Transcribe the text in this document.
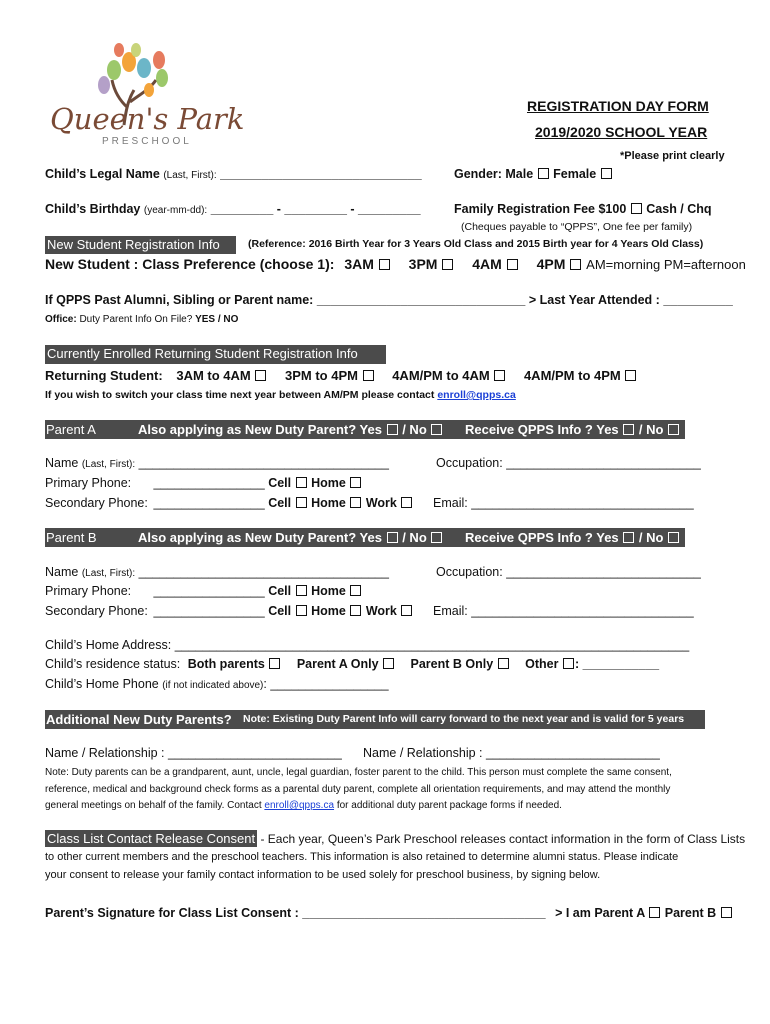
Queen's Park
PRESCHOOL
REGISTRATION DAY FORM
2019/2020 SCHOOL YEAR
*Please print clearly
Child’s Legal Name (Last, First): _____________________________	Gender: Male Female
Child’s Birthday (year-mm-dd): _________ - _________ - _________	Family Registration Fee $100 Cash / Chq
(Cheques payable to “QPPS”, One fee per family)
New Student Registration Info	(Reference: 2016 Birth Year for 3 Years Old Class and 2015 Birth year for 4 Years Old Class)
New Student : Class Preference (choose 1): 3AM 3PM 4AM 4PM AM=morning PM=afternoon
If QPPS Past Alumni, Sibling or Parent name: ______________________________ > Last Year Attended : __________
Office: Duty Parent Info On File? YES / NO
Currently Enrolled Returning Student Registration Info
Returning Student: 3AM to 4AM	3PM to 4PM	4AM/PM to 4AM	4AM/PM to 4PM
If you wish to switch your class time next year between AM/PM please contact enroll@qpps.ca
Parent A	Also applying as New Duty Parent? Yes / No	Receive QPPS Info ? Yes / No
Name (Last, First): ____________________________________	Occupation: ____________________________
Primary Phone: ________________ Cell Home
Secondary Phone: ________________ Cell Home Work	Email: ________________________________
Parent B	Also applying as New Duty Parent? Yes / No	Receive QPPS Info ? Yes / No
Name (Last, First): ____________________________________	Occupation: ____________________________
Primary Phone: ________________ Cell Home
Secondary Phone: ________________ Cell Home Work	Email: ________________________________
Child’s Home Address: __________________________________________________________________________
Child’s residence status: Both parents	Parent A Only	Parent B Only	Other : ___________
Child’s Home Phone (if not indicated above): _________________
Additional New Duty Parents? Note: Existing Duty Parent Info will carry forward to the next year and is valid for 5 years
Name / Relationship : _________________________ Name / Relationship : _________________________
Note: Duty parents can be a grandparent, aunt, uncle, legal guardian, foster parent to the child. This person must complete the same consent,
reference, medical and background check forms as a parental duty parent, complete all orientation requirements, and may attend the monthly
general meetings on behalf of the family. Contact enroll@qpps.ca for additional duty parent package forms if needed.
Class List Contact Release Consent - Each year, Queen’s Park Preschool releases contact information in the form of Class Lists
to other current members and the preschool teachers. This information is also retained to determine alumni status. Please indicate
your consent to release your family contact information to be used solely for preschool business, by signing below.
Parent’s Signature for Class List Consent : ___________________________________ > I am Parent A Parent B
